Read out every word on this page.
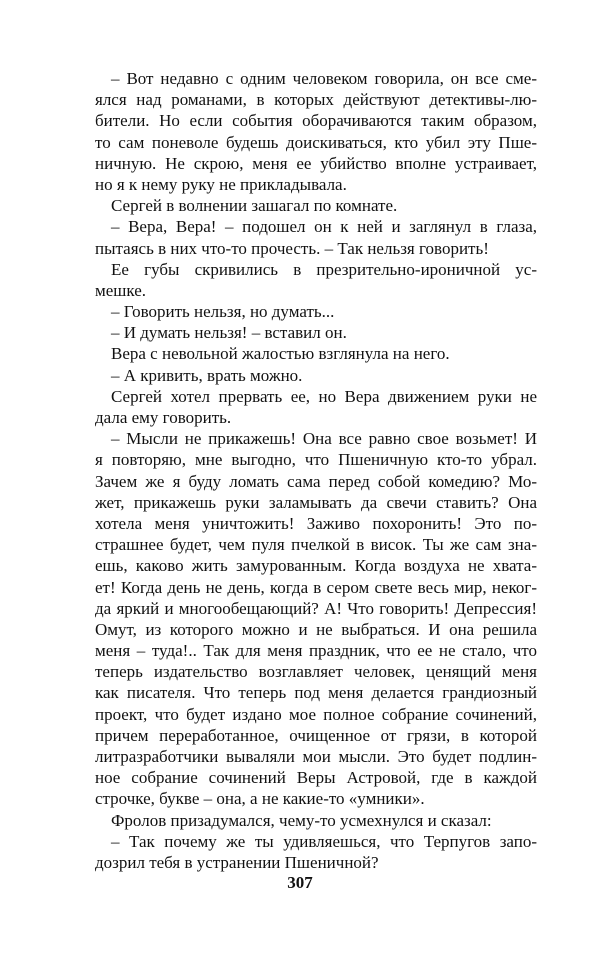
– Вот недавно с одним человеком говорила, он все сме-
ялся над романами, в которых действуют детективы-лю-
бители. Но если события оборачиваются таким образом,
то сам поневоле будешь доискиваться, кто убил эту Пше-
ничную. Не скрою, меня ее убийство вполне устраивает,
но я к нему руку не прикладывала.
Сергей в волнении зашагал по комнате.
– Вера, Вера! – подошел он к ней и заглянул в глаза,
пытаясь в них что-то прочесть. – Так нельзя говорить!
Ее губы скривились в презрительно-ироничной ус-
мешке.
– Говорить нельзя, но думать...
– И думать нельзя! – вставил он.
Вера с невольной жалостью взглянула на него.
– А кривить, врать можно.
Сергей хотел прервать ее, но Вера движением руки не
дала ему говорить.
– Мысли не прикажешь! Она все равно свое возьмет! И
я повторяю, мне выгодно, что Пшеничную кто-то убрал.
Зачем же я буду ломать сама перед собой комедию? Мо-
жет, прикажешь руки заламывать да свечи ставить? Она
хотела меня уничтожить! Заживо похоронить! Это по-
страшнее будет, чем пуля пчелкой в висок. Ты же сам зна-
ешь, каково жить замурованным. Когда воздуха не хвата-
ет! Когда день не день, когда в сером свете весь мир, неког-
да яркий и многообещающий? А! Что говорить! Депрессия!
Омут, из которого можно и не выбраться. И она решила
меня – туда!.. Так для меня праздник, что ее не стало, что
теперь издательство возглавляет человек, ценящий меня
как писателя. Что теперь под меня делается грандиозный
проект, что будет издано мое полное собрание сочинений,
причем переработанное, очищенное от грязи, в которой
литразработчики вываляли мои мысли. Это будет подлин-
ное собрание сочинений Веры Астровой, где в каждой
строчке, букве – она, а не какие-то «умники».
Фролов призадумался, чему-то усмехнулся и сказал:
– Так почему же ты удивляешься, что Терпугов запо-
дозрил тебя в устранении Пшеничной?
307
